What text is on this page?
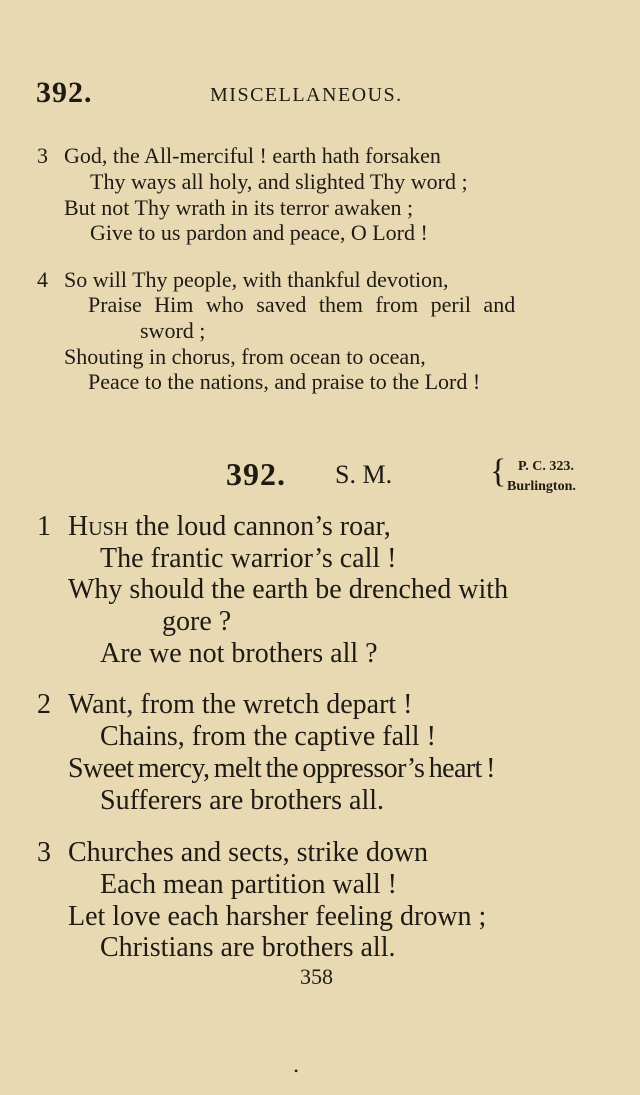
392.	MISCELLANEOUS.
3 God, the All-merciful ! earth hath forsaken
Thy ways all holy, and slighted Thy word ;
But not Thy wrath in its terror awaken ;
Give to us pardon and peace, O Lord !
4 So will Thy people, with thankful devotion,
Praise Him who saved them from peril and
sword ;
Shouting in chorus, from ocean to ocean,
Peace to the nations, and praise to the Lord !
392. S. M.	{ P. C. 323.
Burlington.
1 Hush the loud cannon’s roar,
The frantic warrior’s call !
Why should the earth be drenched with
gore ?
Are we not brothers all ?
2 Want, from the wretch depart !
Chains, from the captive fall !
Sweet mercy, melt the oppressor’s heart !
Sufferers are brothers all.
3 Churches and sects, strike down
Each mean partition wall !
Let love each harsher feeling drown ;
Christians are brothers all.
358
•
